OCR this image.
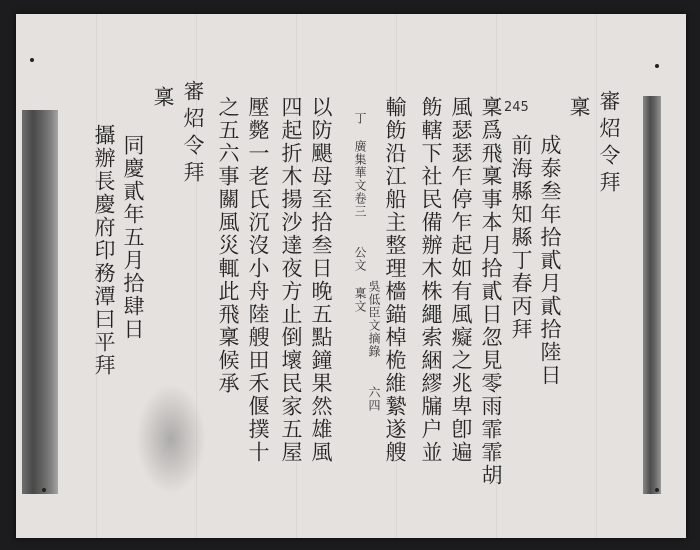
245	審炤令拜
稟
成泰叁年拾貳月貳拾陸日
前海縣知縣丁春丙拜
稟爲飛稟事本月拾貳日忽見零雨霏霏胡
風瑟瑟乍停乍起如有風癡之兆卑卽遍
飭轄下社民備辦木株繩索綑繆牖户並
輸飭沿江船主整理檣錨棹桅維縶遂艘
丁 廣集華文卷三
公文 稟文
吳低臣文摘錄
六四
以防颶母至拾叁日晚五點鐘果然雄風
四起折木揚沙達夜方止倒壞民家五屋
壓斃一老氏沉沒小舟陸艘田禾偃撲十
之五六事關風災輒此飛稟候承
審炤令拜
稟
同慶貳年五月拾肆日
攝辦長慶府印務潭曰平拜
